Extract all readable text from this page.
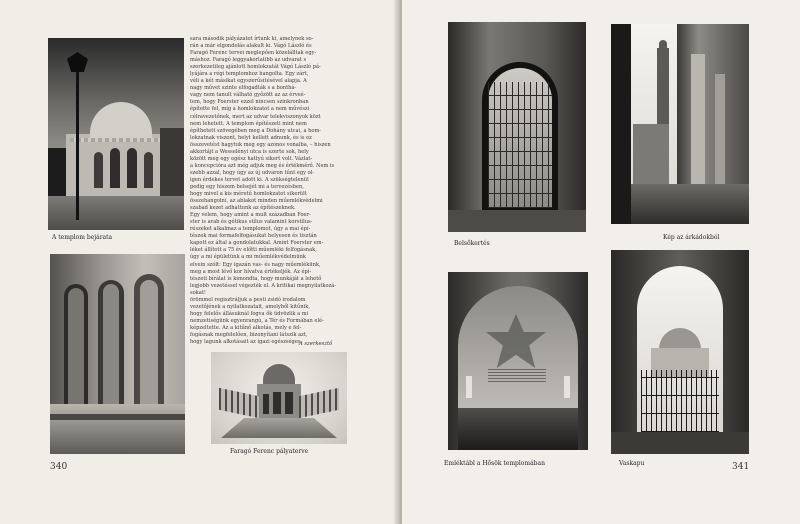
A templom bejárata
Faragó Ferenc pályaterve

sara második pályázatot írtunk ki, amelynek so-

rán a már elgondolás alakult ki. Vágó László és

Faragó Ferenc tervei meglepően közelálltak egy-

máshoz. Faragó leggyakorlatibb az udvarat s

szerkezetileg ajánlott homlokzatát Vágó László pá-

lyájára a régi templomhoz hangolta. Egy zárt,

véli a két másikat egyszerűsítésével alapja. A

nagy művet szinte elfogadták s a bonthá-

vagy nem tanult válható győzött az az érveé-

tem, hogy Foerster ezzel nincsen szinkronban

építette fel, míg a homlokzatot a nem művészi

célravezetőnek, mert az udvar telekviszonyok közt

nem lehetett. A templom építészeti mint nem

építhetett szövegében meg a Dohány utcai, a hom-

lokzatnak viszont, helyt kellett adnunk, és is ez

összevetést hagytuk meg egy azonos vonalba, – hiszen

akkortájt a Wesselényi utca is szerte sok, hely

között meg egy egész hattyú sikert volt. Vázlat-

a koncepcióra azt még adjuk meg és értékmérő. Nem is

szebb azzal, hogy úgy az új udvaron tűnt egy ol-

igen érdekes tervet adott ki. A szükségtelenül

pedig egy hiszem belsejét mi a tervezésben,

hogy mivel a kis méretű homlokzatot sikerült

összehangolni, az ablakot minden műemlékvédelmi

szabad kezet adhattunk az építészeknek.

Egy velem, hogy amint a mult században Foer-

ster is arab és gótikus stílus valamint korstílus-

részeket alkalmaz a templomot, úgy a mai épí-

tészek mai formafelfogásukat helyesen és tisztán

kapott ez által a gondolatukkal. Amint Foerster em-

léket állított a 75 év előtti műemléki felfogásnak,

úgy a mi épületünk a mi műemlékvédelmünk

elvein szólt: Egy igazán vas- és nagy műemlékünk,

meg a most lévő kor hívatva értékeljék. Az épí-

tészeti bírálat is kimondta, hogy munkáját a lehető

legjobb vezetéssel végezték el. A kritikai megnyilatkozá-

sokat!

örömmel regisztráljuk a pesti zsidó irodalom

vezetőjének a nyilatkozatait, amelyből kitűnik,

hogy felelős állásuknál fogva ők üdvözlik a mi

nemzetiségünk egyenrangú, a Tér és Formában elé-

képzeltette. Az a kitűnő alkotás, mely e fel-

fogásnak megfelelően, bizonyítani látszik azt,

hogy lagunk alkotásait az igazi egészséges.

A szerkesztő
340
Belsőkertés
Kép az árkádokból
Emléktábl a Hősök templomában	Vaskapu	341
